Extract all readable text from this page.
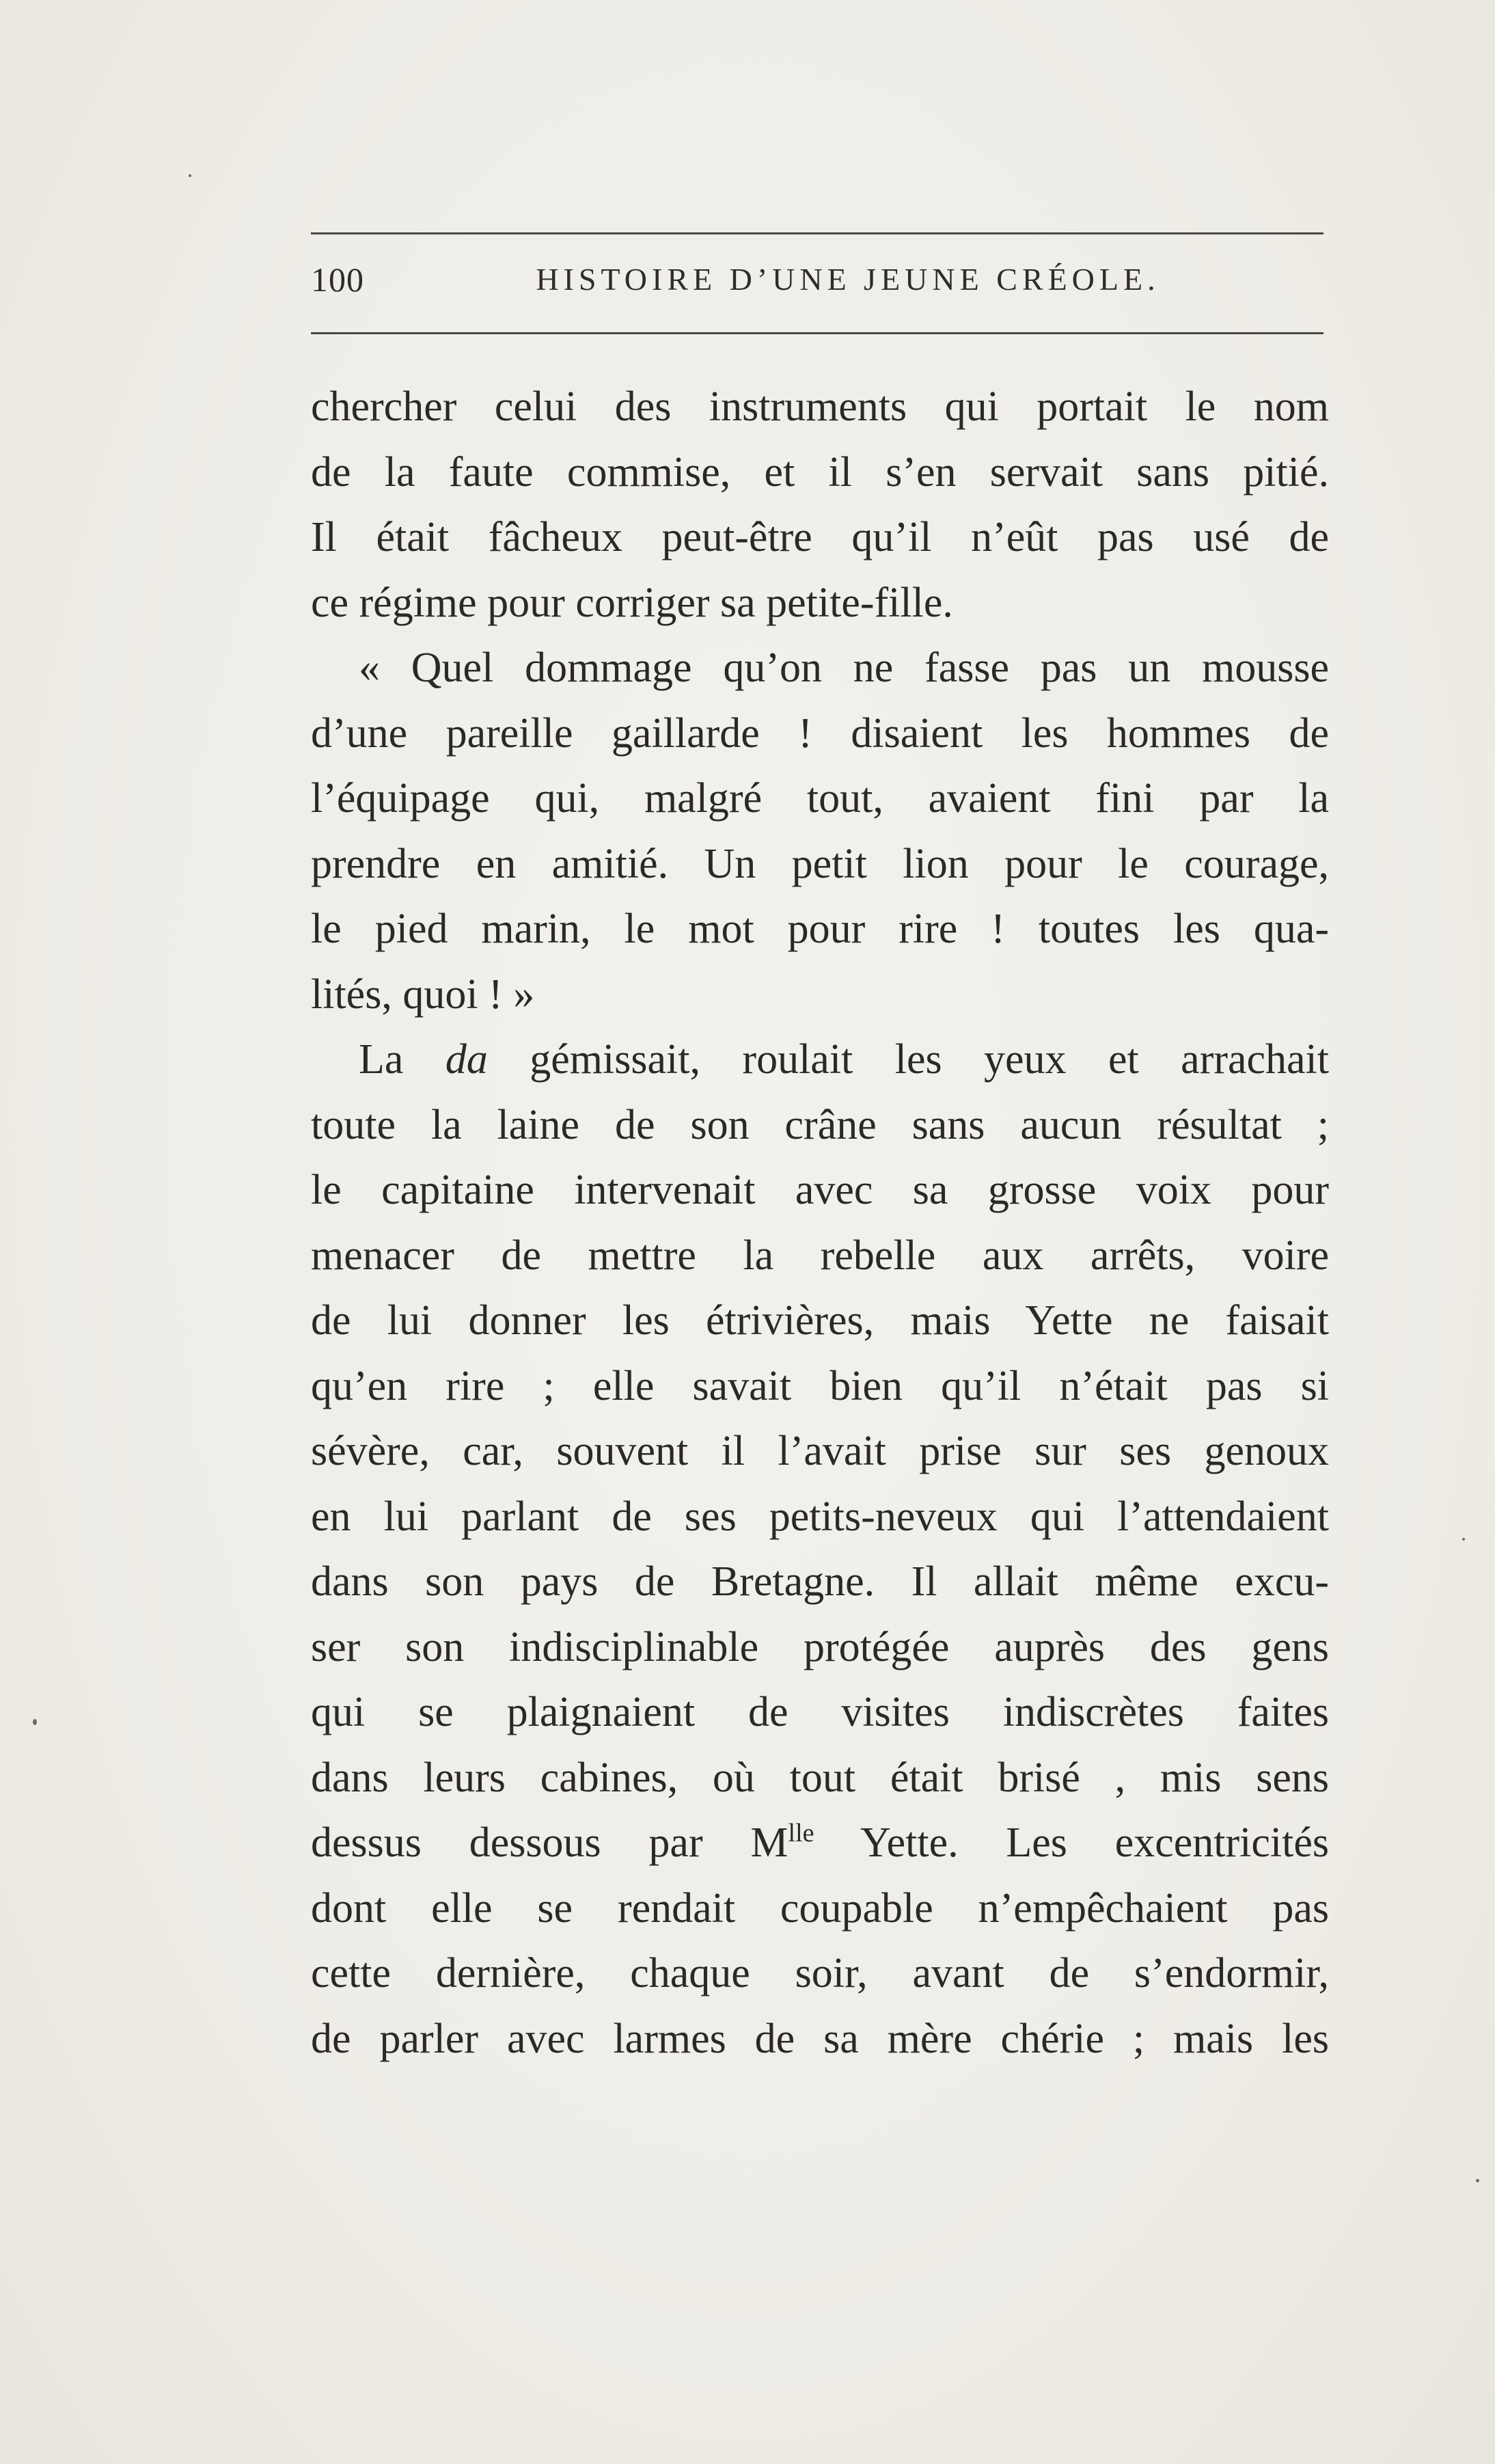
100	HISTOIRE D’UNE JEUNE CRÉOLE.
chercher celui des instruments qui portait le nom
de la faute commise, et il s’en servait sans pitié.
Il était fâcheux peut-être qu’il n’eût pas usé de
ce régime pour corriger sa petite-fille.
« Quel dommage qu’on ne fasse pas un mousse
d’une pareille gaillarde ! disaient les hommes de
l’équipage qui, malgré tout, avaient fini par la
prendre en amitié. Un petit lion pour le courage,
le pied marin, le mot pour rire ! toutes les qua-
lités, quoi ! »
La da gémissait, roulait les yeux et arrachait
toute la laine de son crâne sans aucun résultat ;
le capitaine intervenait avec sa grosse voix pour
menacer de mettre la rebelle aux arrêts, voire
de lui donner les étrivières, mais Yette ne faisait
qu’en rire ; elle savait bien qu’il n’était pas si
sévère, car, souvent il l’avait prise sur ses genoux
en lui parlant de ses petits-neveux qui l’attendaient
dans son pays de Bretagne. Il allait même excu-
ser son indisciplinable protégée auprès des gens
qui se plaignaient de visites indiscrètes faites
dans leurs cabines, où tout était brisé , mis sens
dessus dessous par $M^{lle}$ Yette. Les excentricités
dont elle se rendait coupable n’empêchaient pas
cette dernière, chaque soir, avant de s’endormir,
de parler avec larmes de sa mère chérie ; mais les
